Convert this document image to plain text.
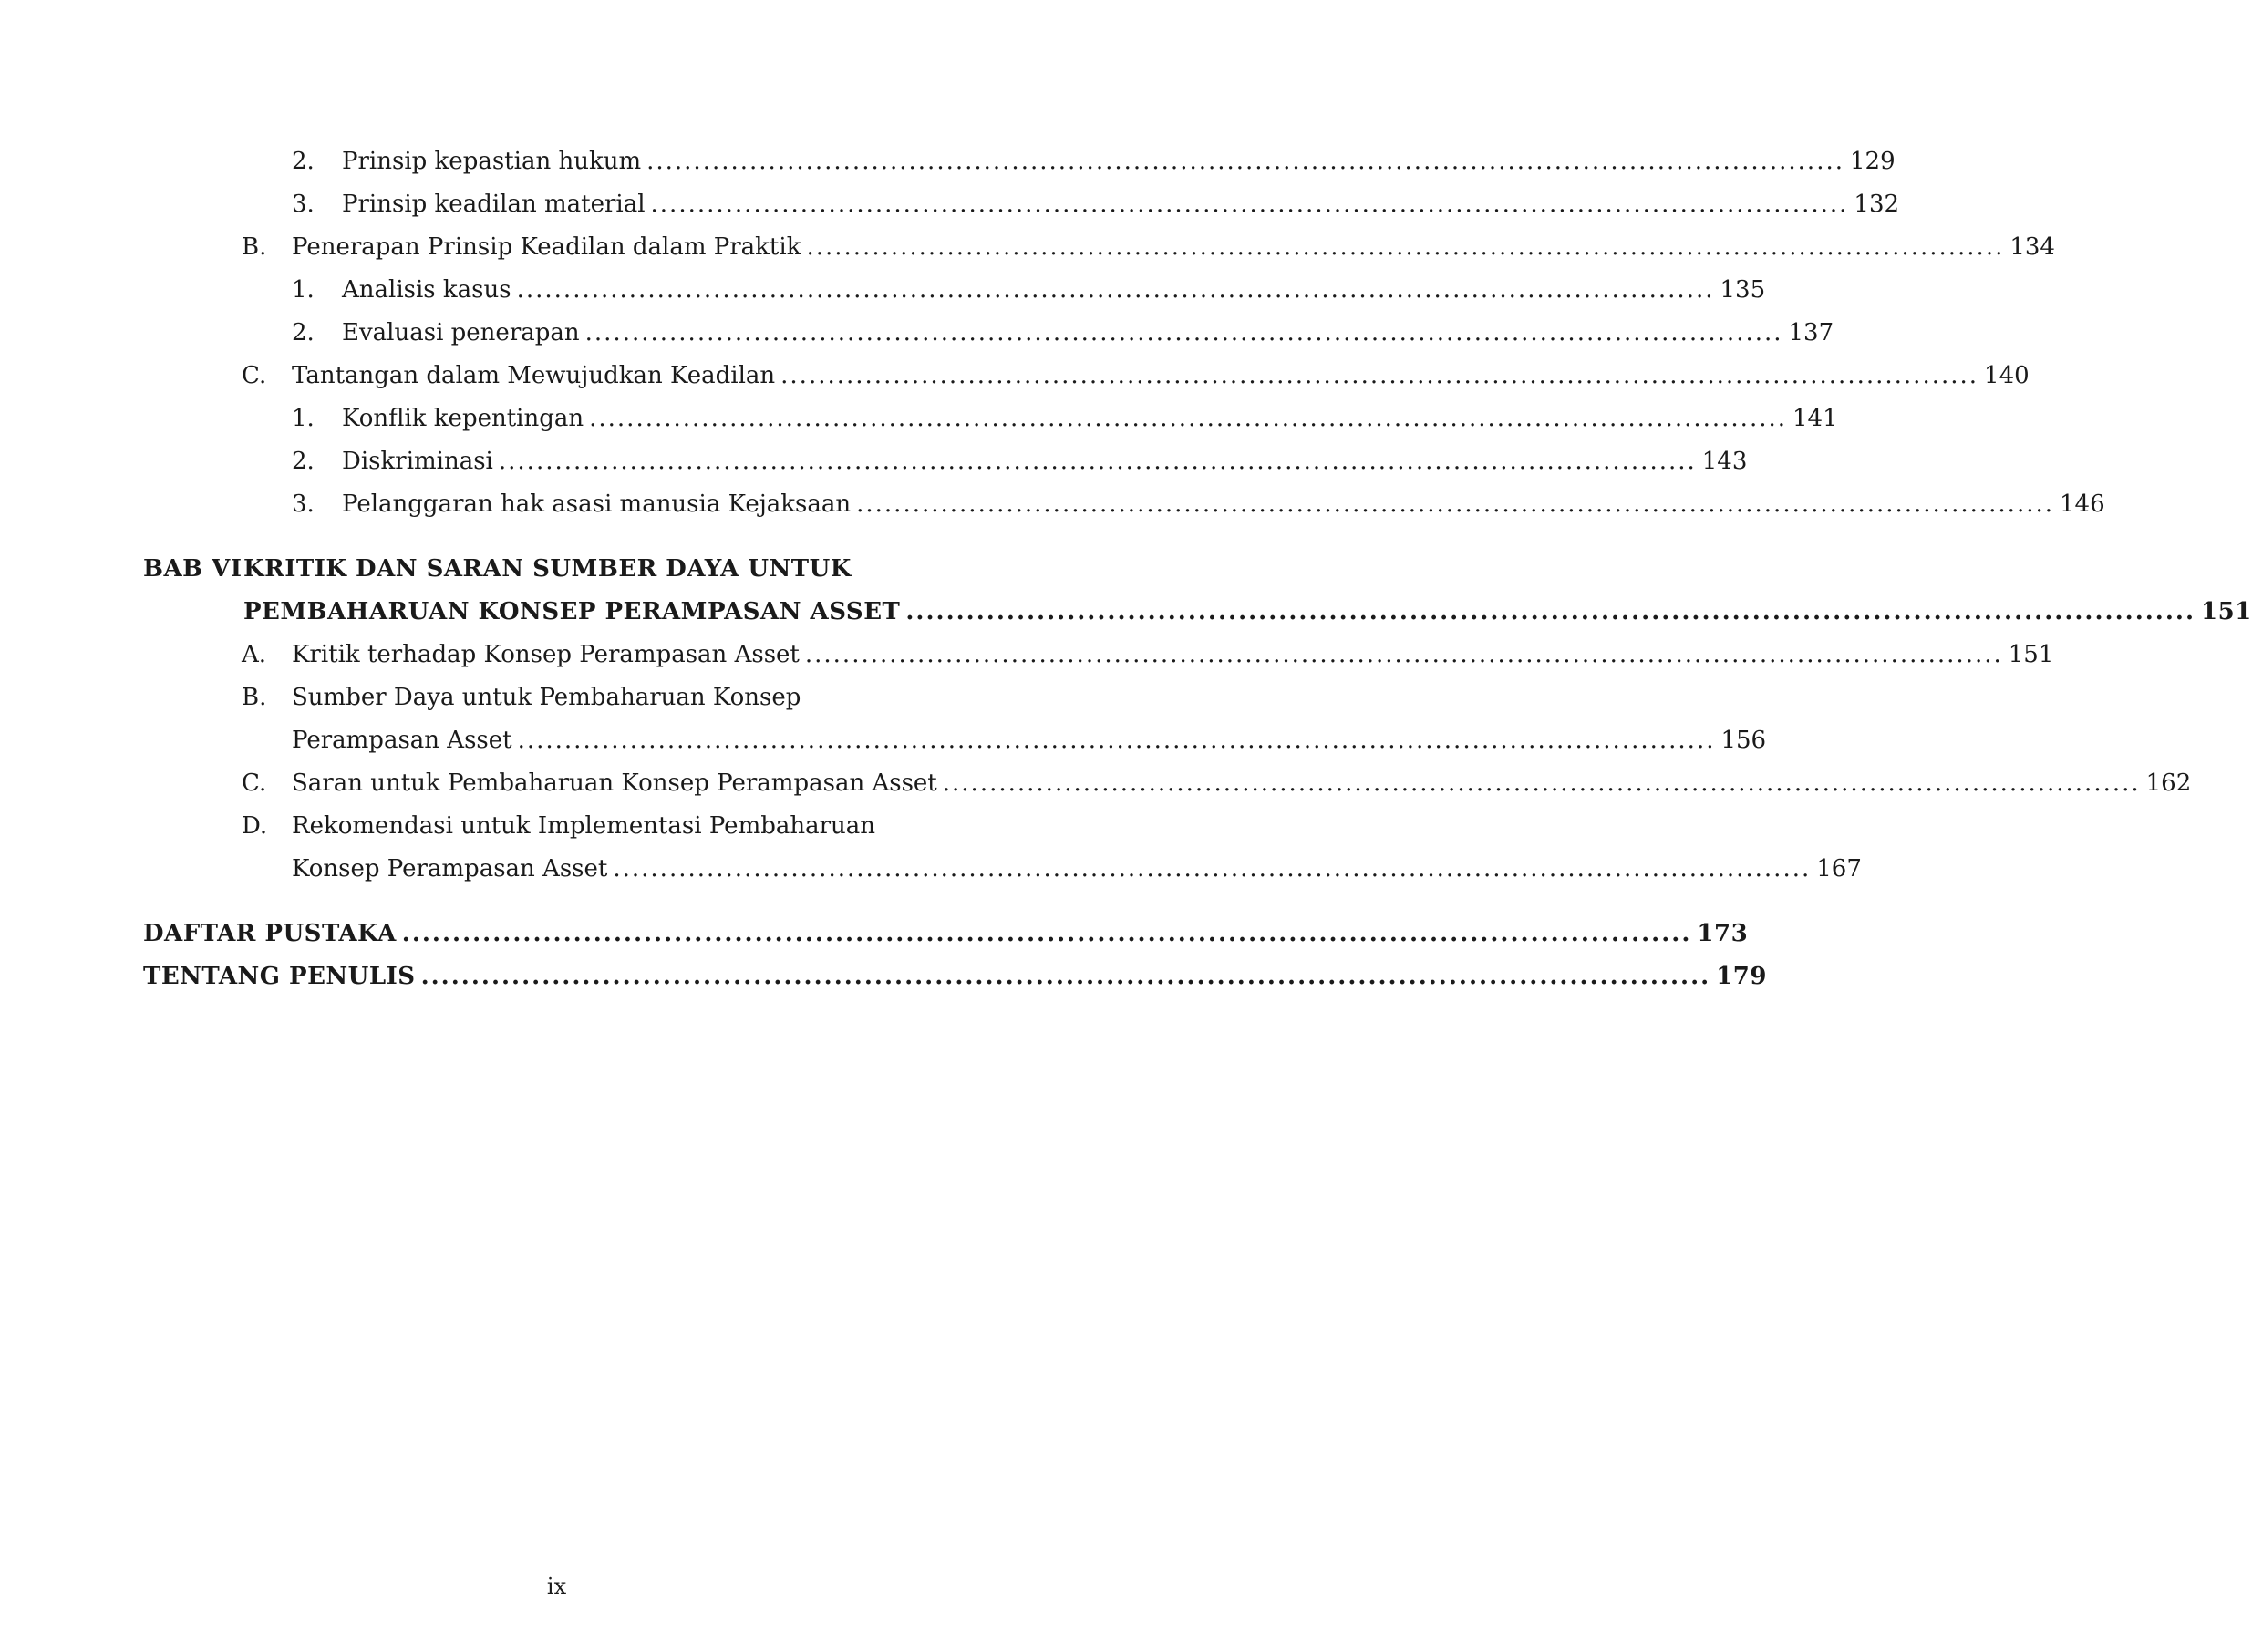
2. Prinsip kepastian hukum ................................................................................................................................ 129
3. Prinsip keadilan material ................................................................................................................................ 132
B. Penerapan Prinsip Keadilan dalam Praktik ................................................................................................................................ 134
1. Analisis kasus ................................................................................................................................ 135
2. Evaluasi penerapan ................................................................................................................................ 137
C. Tantangan dalam Mewujudkan Keadilan ................................................................................................................................ 140
1. Konflik kepentingan ................................................................................................................................ 141
2. Diskriminasi ................................................................................................................................ 143
3. Pelanggaran hak asasi manusia Kejaksaan ................................................................................................................................ 146
BAB VI KRITIK DAN SARAN SUMBER DAYA UNTUK
PEMBAHARUAN KONSEP PERAMPASAN ASSET ................................................................................................................................ 151
A. Kritik terhadap Konsep Perampasan Asset ................................................................................................................................ 151
B. Sumber Daya untuk Pembaharuan Konsep
Perampasan Asset ................................................................................................................................ 156
C. Saran untuk Pembaharuan Konsep Perampasan Asset ................................................................................................................................ 162
D. Rekomendasi untuk Implementasi Pembaharuan
Konsep Perampasan Asset ................................................................................................................................ 167
DAFTAR PUSTAKA ................................................................................................................................ 173
TENTANG PENULIS ................................................................................................................................ 179
ix
